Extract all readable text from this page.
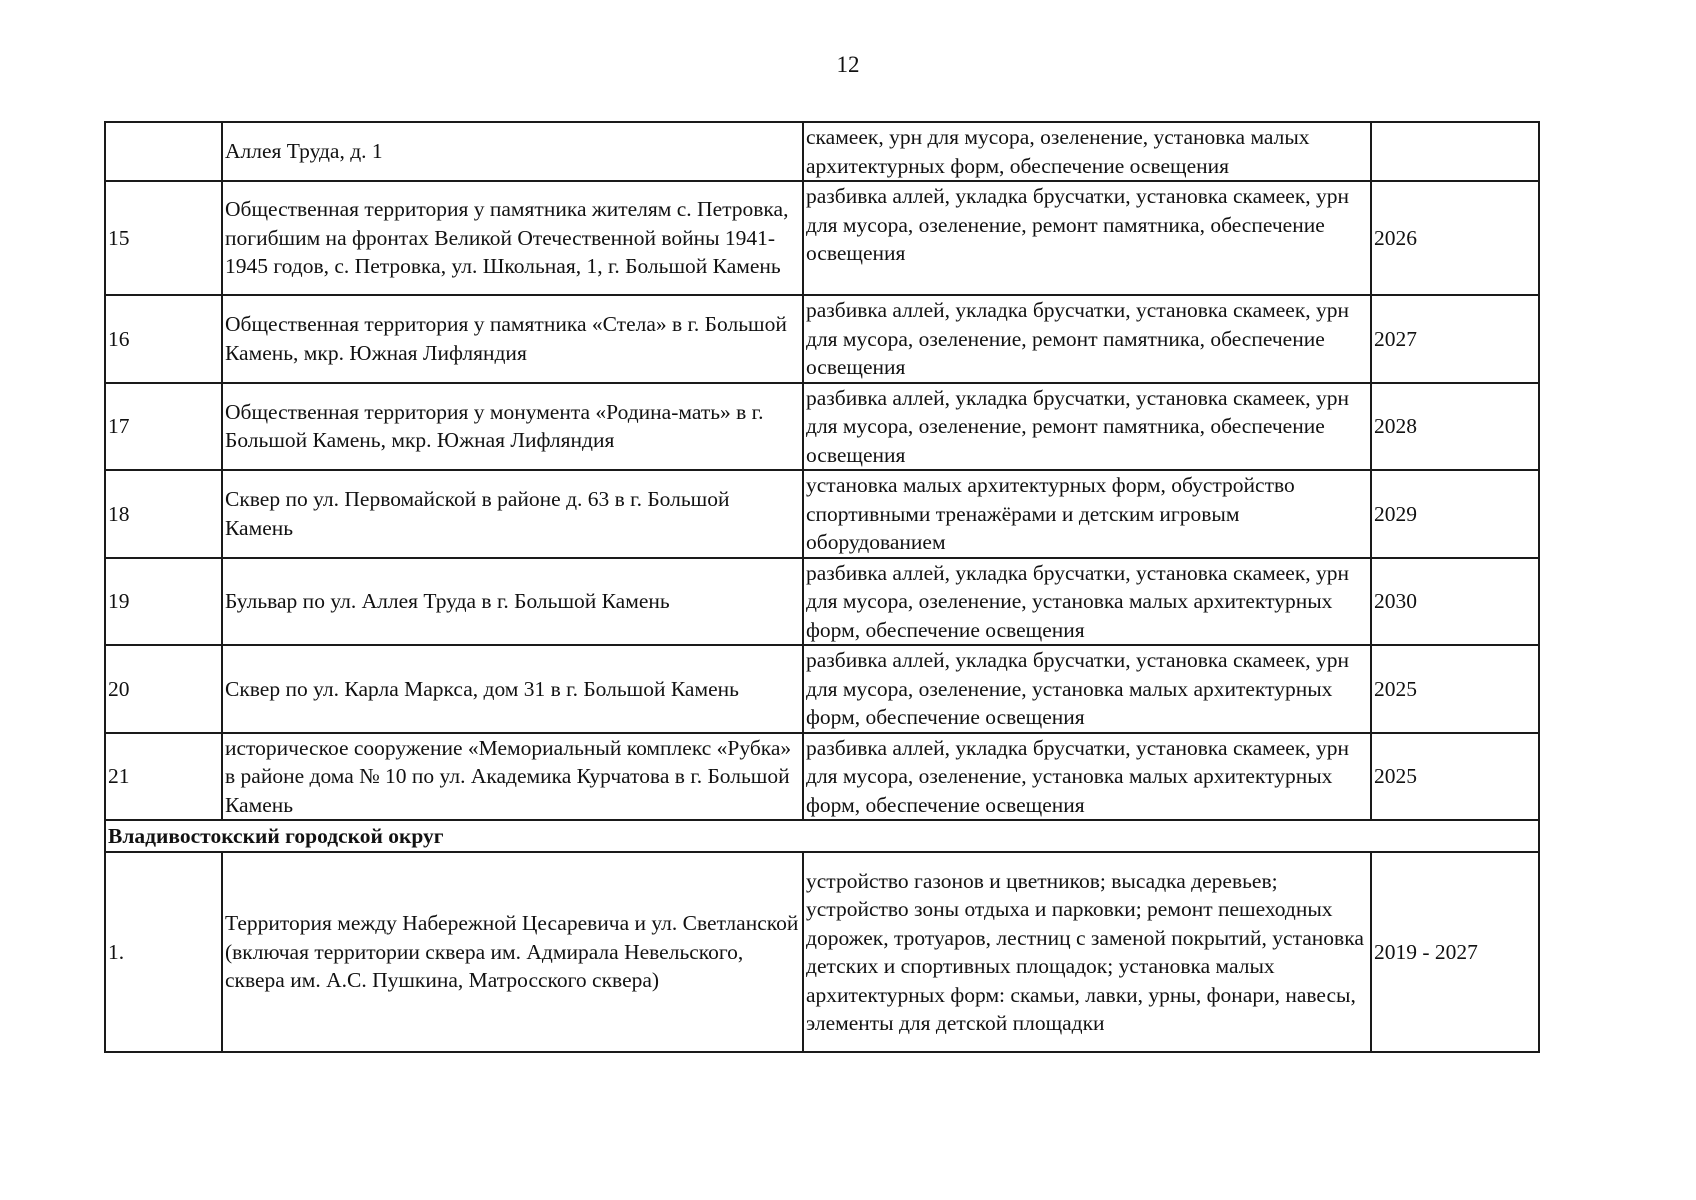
12
	Аллея Труда, д. 1	скамеек, урн для мусора, озеленение, установка малых архитектурных форм, обеспечение освещения	
15	Общественная территория у памятника жителям с. Петровка, погибшим на фронтах Великой Отечественной войны 1941-1945 годов, с. Петровка, ул. Школьная, 1, г. Большой Камень	разбивка аллей, укладка брусчатки, установка скамеек, урн для мусора, озеленение, ремонт памятника, обеспечение освещения	2026
16	Общественная территория у памятника «Стела» в г. Большой Камень, мкр. Южная Лифляндия	разбивка аллей, укладка брусчатки, установка скамеек, урн для мусора, озеленение, ремонт памятника, обеспечение освещения	2027
17	Общественная территория у монумента «Родина-мать» в г. Большой Камень, мкр. Южная Лифляндия	разбивка аллей, укладка брусчатки, установка скамеек, урн для мусора, озеленение, ремонт памятника, обеспечение освещения	2028
18	Сквер по ул. Первомайской в районе д. 63 в г. Большой Камень	установка малых архитектурных форм, обустройство спортивными тренажёрами и детским игровым оборудованием	2029
19	Бульвар по ул. Аллея Труда в г. Большой Камень	разбивка аллей, укладка брусчатки, установка скамеек, урн для мусора, озеленение, установка малых архитектурных форм, обеспечение освещения	2030
20	Сквер по ул. Карла Маркса, дом 31 в г. Большой Камень	разбивка аллей, укладка брусчатки, установка скамеек, урн для мусора, озеленение, установка малых архитектурных форм, обеспечение освещения	2025
21	историческое сооружение «Мемориальный комплекс «Рубка» в районе дома № 10 по ул. Академика Курчатова в г. Большой Камень	разбивка аллей, укладка брусчатки, установка скамеек, урн для мусора, озеленение, установка малых архитектурных форм, обеспечение освещения	2025
Владивостокский городской округ			
1.	Территория между Набережной Цесаревича и ул. Светланской (включая территории сквера им. Адмирала Невельского, сквера им. А.С. Пушкина, Матросского сквера)	устройство газонов и цветников; высадка деревьев; устройство зоны отдыха и парковки; ремонт пешеходных дорожек, тротуаров, лестниц с заменой покрытий, установка детских и спортивных площадок; установка малых архитектурных форм: скамьи, лавки, урны, фонари, навесы, элементы для детской площадки	2019 - 2027
